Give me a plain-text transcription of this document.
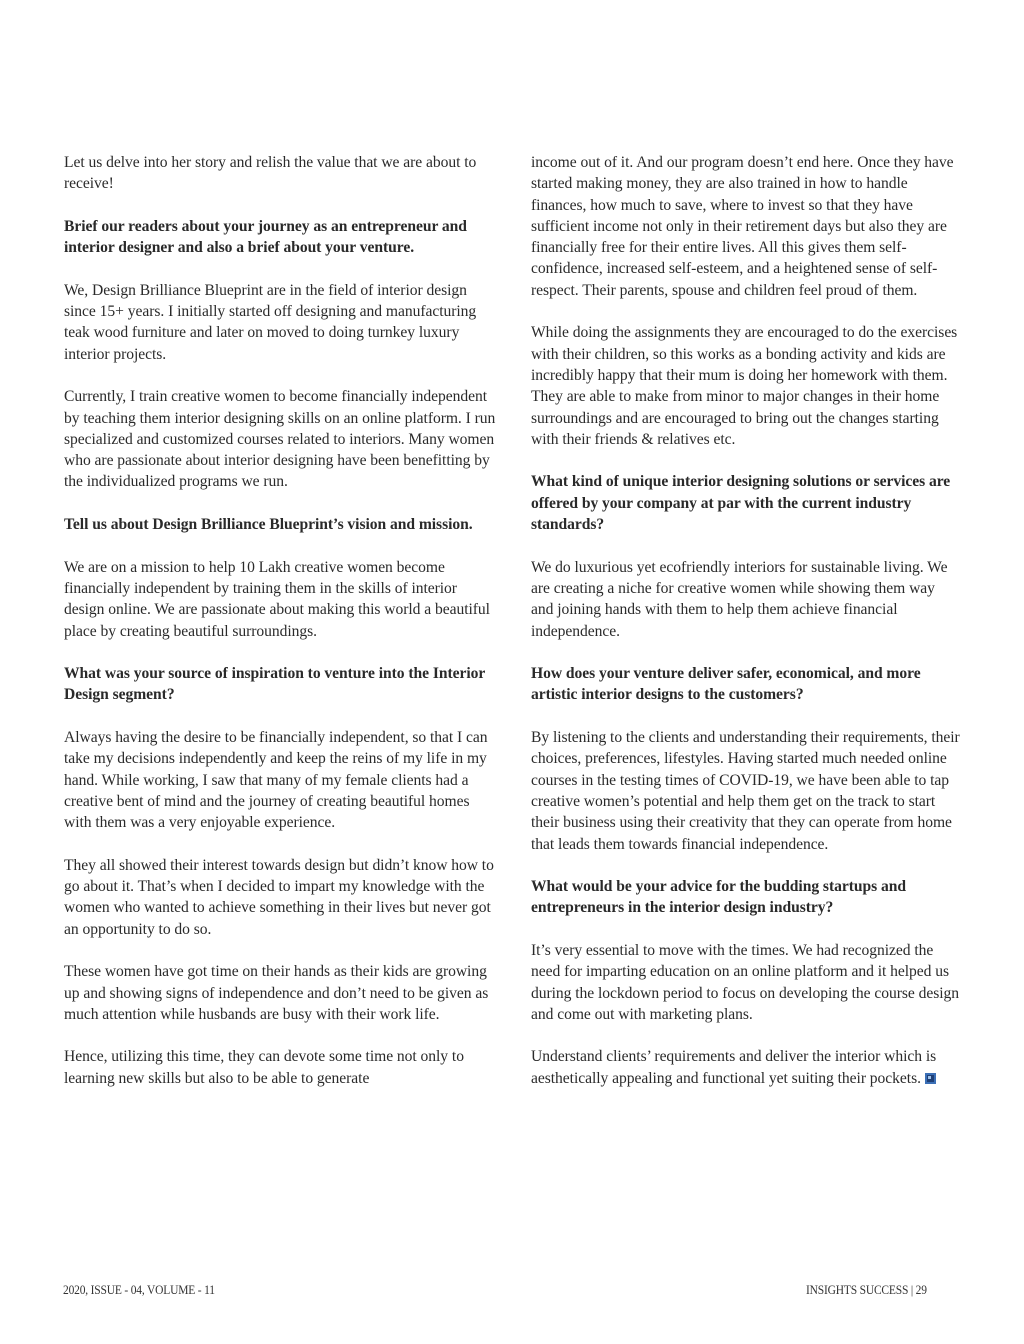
Let us delve into her story and relish the value that we are about to receive!

Brief our readers about your journey as an entrepreneur and interior designer and also a brief about your venture.

We, Design Brilliance Blueprint are in the field of interior design since 15+ years. I initially started off designing and manufacturing teak wood furniture and later on moved to doing turnkey luxury interior projects.

Currently, I train creative women to become financially independent by teaching them interior designing skills on an online platform. I run specialized and customized courses related to interiors. Many women who are passionate about interior designing have been benefitting by the individualized programs we run.

Tell us about Design Brilliance Blueprint’s vision and mission.

We are on a mission to help 10 Lakh creative women become financially independent by training them in the skills of interior design online. We are passionate about making this world a beautiful place by creating beautiful surroundings.

What was your source of inspiration to venture into the Interior Design segment?

Always having the desire to be financially independent, so that I can take my decisions independently and keep the reins of my life in my hand. While working, I saw that many of my female clients had a creative bent of mind and the journey of creating beautiful homes with them was a very enjoyable experience.

They all showed their interest towards design but didn’t know how to go about it. That’s when I decided to impart my knowledge with the women who wanted to achieve something in their lives but never got an opportunity to do so.

These women have got time on their hands as their kids are growing up and showing signs of independence and don’t need to be given as much attention while husbands are busy with their work life.

Hence, utilizing this time, they can devote some time not only to learning new skills but also to be able to generate

income out of it. And our program doesn’t end here. Once they have started making money, they are also trained in how to handle finances, how much to save, where to invest so that they have sufficient income not only in their retirement days but also they are financially free for their entire lives. All this gives them self-confidence, increased self-esteem, and a heightened sense of self-respect. Their parents, spouse and children feel proud of them.

While doing the assignments they are encouraged to do the exercises with their children, so this works as a bonding activity and kids are incredibly happy that their mum is doing her homework with them. They are able to make from minor to major changes in their home surroundings and are encouraged to bring out the changes starting with their friends & relatives etc.

What kind of unique interior designing solutions or services are offered by your company at par with the current industry standards?

We do luxurious yet ecofriendly interiors for sustainable living. We are creating a niche for creative women while showing them way and joining hands with them to help them achieve financial independence.

How does your venture deliver safer, economical, and more artistic interior designs to the customers?

By listening to the clients and understanding their requirements, their choices, preferences, lifestyles. Having started much needed online courses in the testing times of COVID-19, we have been able to tap creative women’s potential and help them get on the track to start their business using their creativity that they can operate from home that leads them towards financial independence.

What would be your advice for the budding startups and entrepreneurs in the interior design industry?

It’s very essential to move with the times. We had recognized the need for imparting education on an online platform and it helped us during the lockdown period to focus on developing the course design and come out with marketing plans.

Understand clients’ requirements and deliver the interior which is aesthetically appealing and functional yet suiting their pockets.

2020, ISSUE - 04, VOLUME - 11	INSIGHTS SUCCESS | 29
